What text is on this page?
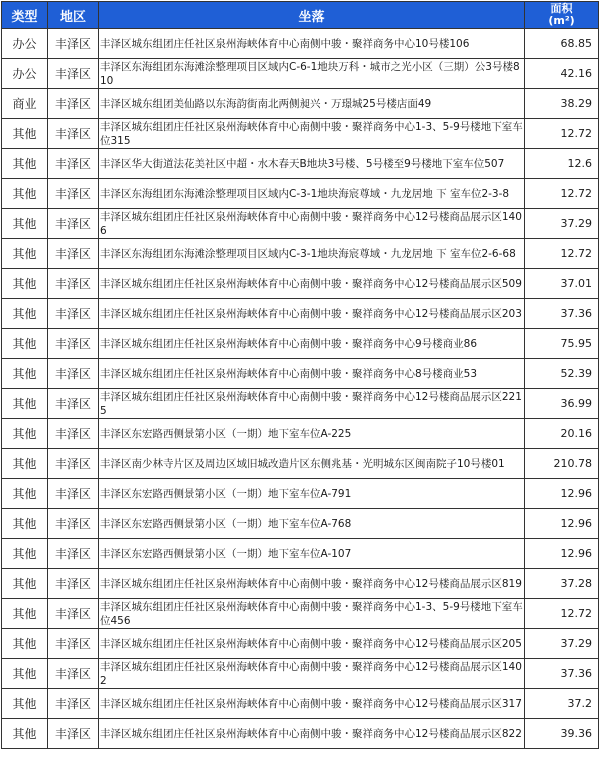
类型	地区	坐落	面积
(m²)

办公	丰泽区	丰泽区城东组团庄任社区泉州海峡体育中心南侧中骏・聚祥商务中心10号楼106	68.85
办公	丰泽区	丰泽区东海组团东海滩涂整理项目区域内C-6-1地块万科・城市之光小区（三期）公3号楼810	42.16
商业	丰泽区	丰泽区城东组团美仙路以东海韵街南北两侧昶兴・万璟城25号楼店面49	38.29
其他	丰泽区	丰泽区城东组团庄任社区泉州海峡体育中心南侧中骏・聚祥商务中心1-3、5-9号楼地下室车位315	12.72
其他	丰泽区	丰泽区华大街道法花美社区中超・水木春天B地块3号楼、5号楼至9号楼地下室车位507	12.6
其他	丰泽区	丰泽区东海组团东海滩涂整理项目区域内C-3-1地块海宸尊域・九龙居地 下 室车位2-3-8	12.72
其他	丰泽区	丰泽区城东组团庄任社区泉州海峡体育中心南侧中骏・聚祥商务中心12号楼商品展示区1406	37.29
其他	丰泽区	丰泽区东海组团东海滩涂整理项目区域内C-3-1地块海宸尊域・九龙居地 下 室车位2-6-68	12.72
其他	丰泽区	丰泽区城东组团庄任社区泉州海峡体育中心南侧中骏・聚祥商务中心12号楼商品展示区509	37.01
其他	丰泽区	丰泽区城东组团庄任社区泉州海峡体育中心南侧中骏・聚祥商务中心12号楼商品展示区203	37.36
其他	丰泽区	丰泽区城东组团庄任社区泉州海峡体育中心南侧中骏・聚祥商务中心9号楼商业86	75.95
其他	丰泽区	丰泽区城东组团庄任社区泉州海峡体育中心南侧中骏・聚祥商务中心8号楼商业53	52.39
其他	丰泽区	丰泽区城东组团庄任社区泉州海峡体育中心南侧中骏・聚祥商务中心12号楼商品展示区2215	36.99
其他	丰泽区	丰泽区东宏路西侧景第小区（一期）地下室车位A-225	20.16
其他	丰泽区	丰泽区南少林寺片区及周边区域旧城改造片区东侧兆基・光明城东区闽南院子10号楼01	210.78
其他	丰泽区	丰泽区东宏路西侧景第小区（一期）地下室车位A-791	12.96
其他	丰泽区	丰泽区东宏路西侧景第小区（一期）地下室车位A-768	12.96
其他	丰泽区	丰泽区东宏路西侧景第小区（一期）地下室车位A-107	12.96
其他	丰泽区	丰泽区城东组团庄任社区泉州海峡体育中心南侧中骏・聚祥商务中心12号楼商品展示区819	37.28
其他	丰泽区	丰泽区城东组团庄任社区泉州海峡体育中心南侧中骏・聚祥商务中心1-3、5-9号楼地下室车位456	12.72
其他	丰泽区	丰泽区城东组团庄任社区泉州海峡体育中心南侧中骏・聚祥商务中心12号楼商品展示区205	37.29
其他	丰泽区	丰泽区城东组团庄任社区泉州海峡体育中心南侧中骏・聚祥商务中心12号楼商品展示区1402	37.36
其他	丰泽区	丰泽区城东组团庄任社区泉州海峡体育中心南侧中骏・聚祥商务中心12号楼商品展示区317	37.2
其他	丰泽区	丰泽区城东组团庄任社区泉州海峡体育中心南侧中骏・聚祥商务中心12号楼商品展示区822	39.36
